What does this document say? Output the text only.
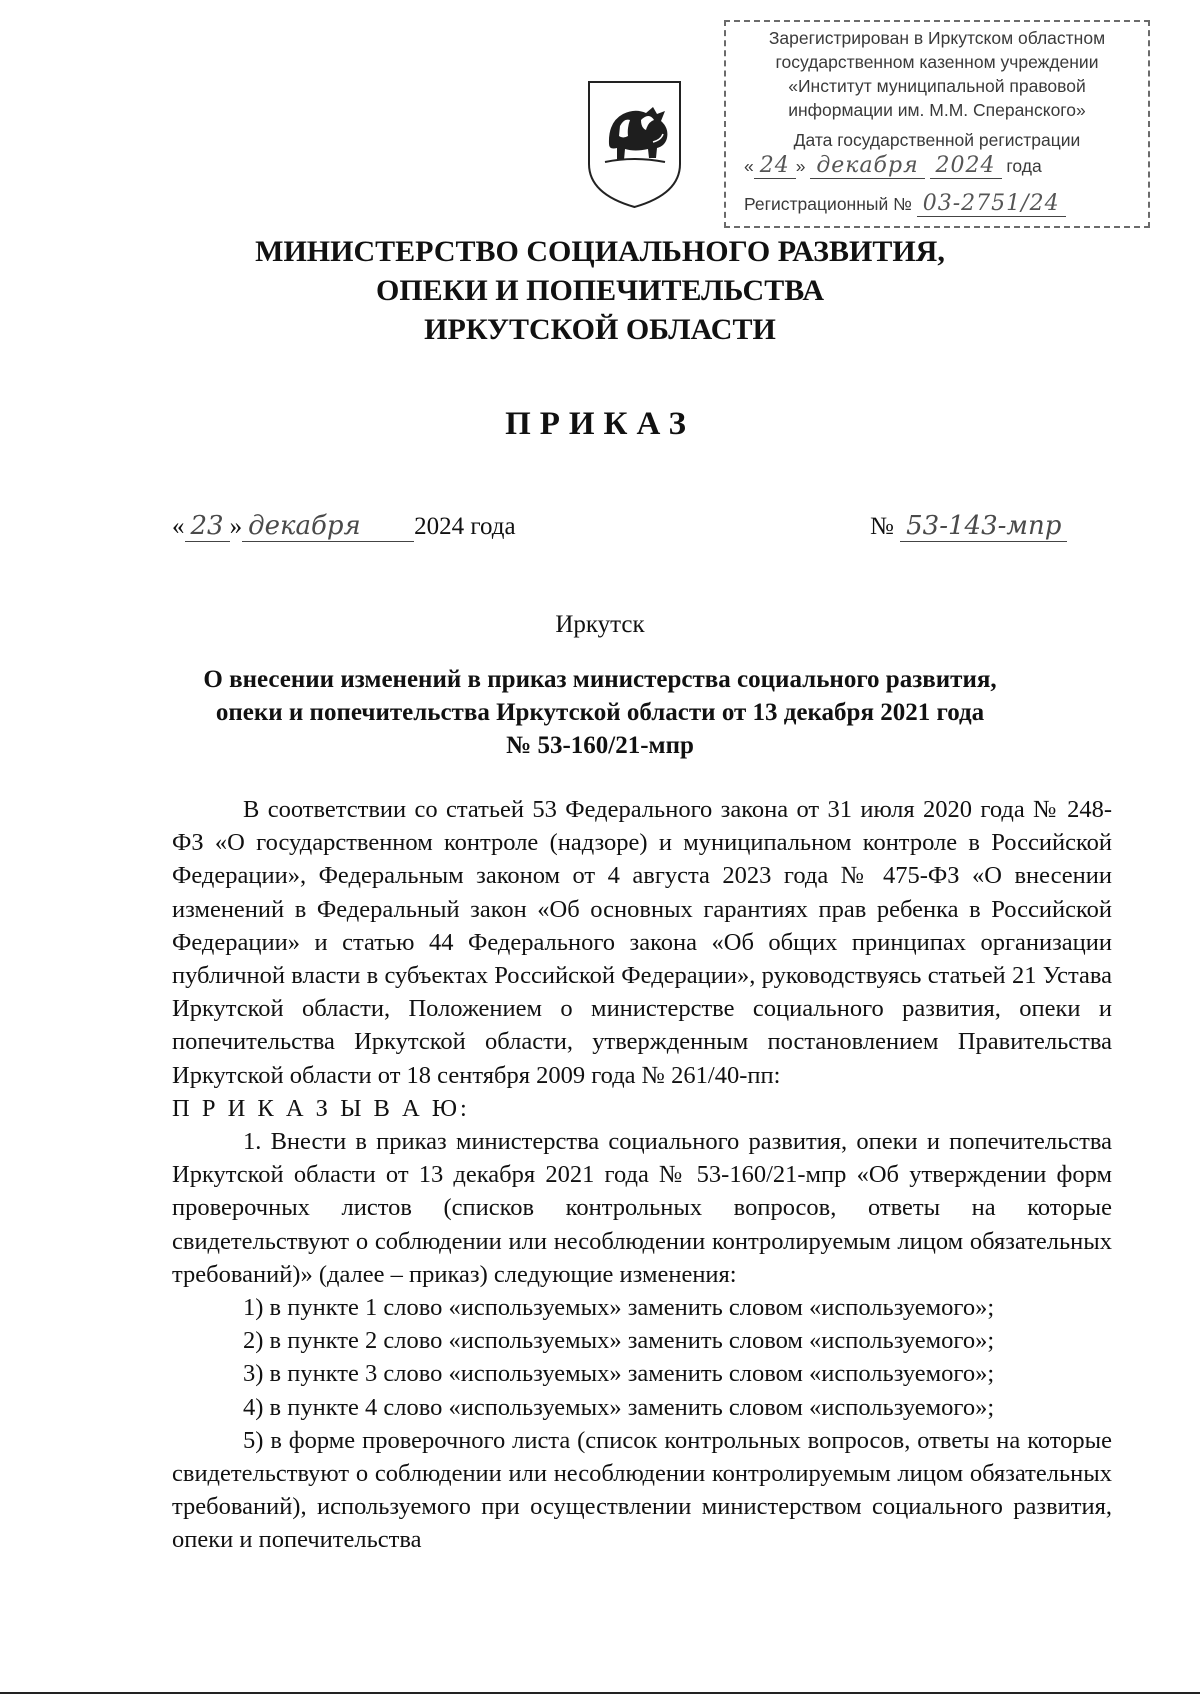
Зарегистрирован в Иркутском областном
государственном казенном учреждении
«Институт муниципальной правовой
информации им. М.М. Сперанского»
Дата государственной регистрации
« 24 » декабря 2024 года
Регистрационный № 03-2751/24
МИНИСТЕРСТВО СОЦИАЛЬНОГО РАЗВИТИЯ,
ОПЕКИ И ПОПЕЧИТЕЛЬСТВА
ИРКУТСКОЙ ОБЛАСТИ
ПРИКАЗ
« 23 » декабря 2024 года	№ 53-143-мпр
Иркутск
О внесении изменений в приказ министерства социального развития,
опеки и попечительства Иркутской области от 13 декабря 2021 года
№ 53-160/21-мпр
В соответствии со статьей 53 Федерального закона от 31 июля 2020 года № 248-ФЗ «О государственном контроле (надзоре) и муниципальном контроле в Российской Федерации», Федеральным законом от 4 августа 2023 года № 475-ФЗ «О внесении изменений в Федеральный закон «Об основных гарантиях прав ребенка в Российской Федерации» и статью 44 Федерального закона «Об общих принципах организации публичной власти в субъектах Российской Федерации», руководствуясь статьей 21 Устава Иркутской области, Положением о министерстве социального развития, опеки и попечительства Иркутской области, утвержденным постановлением Правительства Иркутской области от 18 сентября 2009 года № 261/40-пп:
П Р И К А З Ы В А Ю:
1. Внести в приказ министерства социального развития, опеки и попечительства Иркутской области от 13 декабря 2021 года № 53-160/21-мпр «Об утверждении форм проверочных листов (списков контрольных вопросов, ответы на которые свидетельствуют о соблюдении или несоблюдении контролируемым лицом обязательных требований)» (далее – приказ) следующие изменения:
1) в пункте 1 слово «используемых» заменить словом «используемого»;
2) в пункте 2 слово «используемых» заменить словом «используемого»;
3) в пункте 3 слово «используемых» заменить словом «используемого»;
4) в пункте 4 слово «используемых» заменить словом «используемого»;
5) в форме проверочного листа (список контрольных вопросов, ответы на которые свидетельствуют о соблюдении или несоблюдении контролируемым лицом обязательных требований), используемого при осуществлении министерством социального развития, опеки и попечительства
